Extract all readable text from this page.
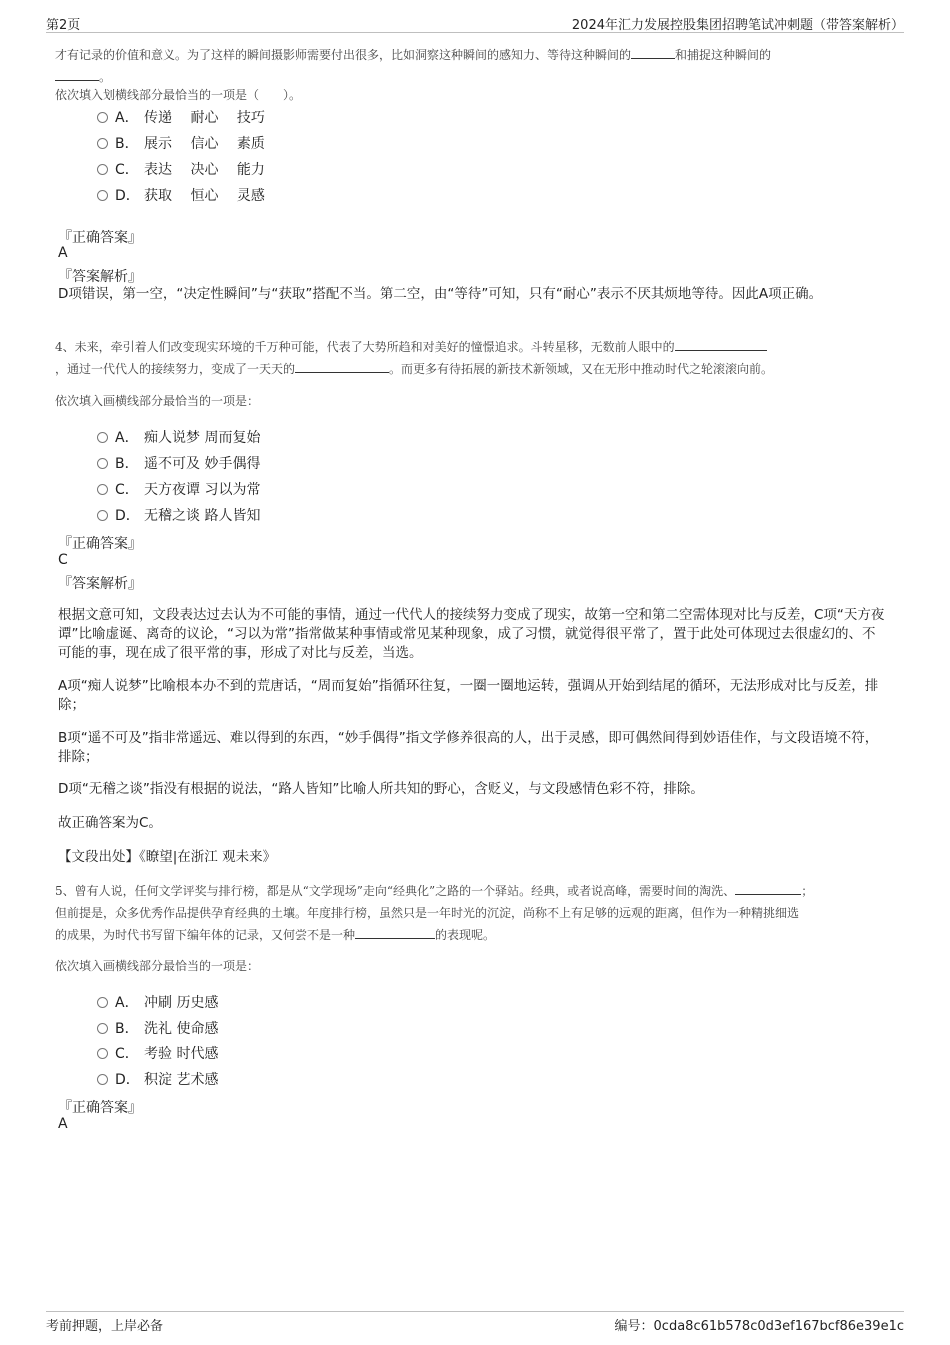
第2页	2024年汇力发展控股集团招聘笔试冲刺题（带答案解析）
才有记录的价值和意义。为了这样的瞬间摄影师需要付出很多，比如洞察这种瞬间的感知力、等待这种瞬间的	和捕捉这种瞬间的
。
依次填入划横线部分最恰当的一项是（　　）。
A． 传递　 耐心　 技巧
B． 展示　 信心　 素质
C． 表达　 决心　 能力
D． 获取　 恒心　 灵感
『正确答案』
A
『答案解析』
D项错误，第一空，“决定性瞬间”与“获取”搭配不当。第二空，由“等待”可知，只有“耐心”表示不厌其烦地等待。因此A项正确。
4、未来，牵引着人们改变现实环境的千万种可能，代表了大势所趋和对美好的憧憬追求。斗转星移，无数前人眼中的
，通过一代代人的接续努力，变成了一天天的	。而更多有待拓展的新技术新领域，又在无形中推动时代之轮滚滚向前。
依次填入画横线部分最恰当的一项是：
A． 痴人说梦 周而复始
B． 遥不可及 妙手偶得
C． 天方夜谭 习以为常
D． 无稽之谈 路人皆知
『正确答案』
C
『答案解析』
根据文意可知，文段表达过去认为不可能的事情，通过一代代人的接续努力变成了现实，故第一空和第二空需体现对比与反差，C项“天方夜谭”比喻虚诞、离奇的议论，“习以为常”指常做某种事情或常见某种现象，成了习惯，就觉得很平常了，置于此处可体现过去很虚幻的、不可能的事，现在成了很平常的事，形成了对比与反差，当选。
A项“痴人说梦”比喻根本办不到的荒唐话，“周而复始”指循环往复，一圈一圈地运转，强调从开始到结尾的循环，无法形成对比与反差，排除；
B项“遥不可及”指非常遥远、难以得到的东西，“妙手偶得”指文学修养很高的人，出于灵感，即可偶然间得到妙语佳作，与文段语境不符，排除；
D项“无稽之谈”指没有根据的说法，“路人皆知”比喻人所共知的野心，含贬义，与文段感情色彩不符，排除。
故正确答案为C。
【文段出处】《瞭望|在浙江 观未来》
5、曾有人说，任何文学评奖与排行榜，都是从“文学现场”走向“经典化”之路的一个驿站。经典，或者说高峰，需要时间的淘洗、	；
但前提是，众多优秀作品提供孕育经典的土壤。年度排行榜，虽然只是一年时光的沉淀，尚称不上有足够的远观的距离，但作为一种精挑细选
的成果，为时代书写留下编年体的记录，又何尝不是一种	的表现呢。
依次填入画横线部分最恰当的一项是：
A． 冲刷 历史感
B． 洗礼 使命感
C． 考验 时代感
D． 积淀 艺术感
『正确答案』
A
考前押题，上岸必备	编号：0cda8c61b578c0d3ef167bcf86e39e1c
